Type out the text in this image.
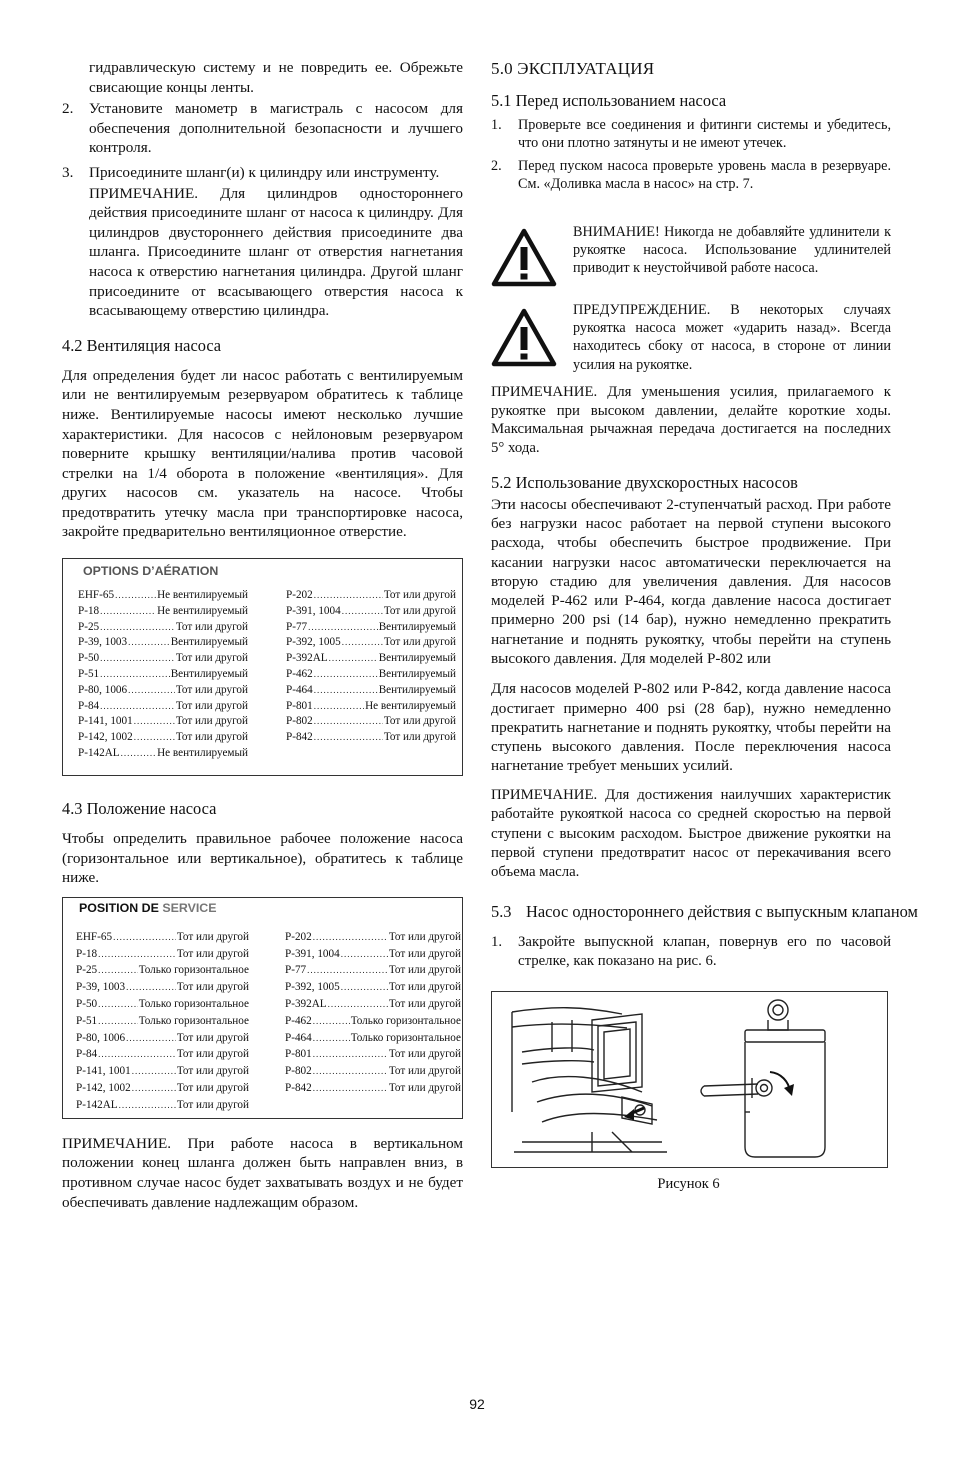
гидравлическую систему и не повредить ее. Обрежьте свисающие концы ленты.

2.	Установите манометр в магистраль с насосом для обеспечения дополнительной безопасности и лучшего контроля.
3.	Присоедините шланг(и) к цилиндру или инструменту.

ПРИМЕЧАНИЕ. Для цилиндров одностороннего действия присоедините шланг от насоса к цилиндру. Для цилиндров двустороннего действия присоедините два шланга. Присоедините шланг от отверстия нагнетания насоса к отверстию нагнетания цилиндра. Другой шланг присоедините от всасывающего отверстия насоса к всасывающему отверстию цилиндра.

4.2 Вентиляция насоса

Для определения будет ли насос работать с вентилируемым или не вентилируемым резервуаром обратитесь к таблице ниже. Вентилируемые насосы имеют несколько лучшие характеристики. Для насосов с нейлоновым резервуаром поверните крышку вентиляции/налива против часовой стрелки на 1/4 оборота в положение «вентиляция». Для других насосов см. указатель на насосе. Чтобы предотвратить утечку масла при транспортировке насоса, закройте предварительно вентиляционное отверстие.

OPTIONS D’AÉRATION
EHF-65 .....	Не вентилируемый
P-18 .....	Не вентилируемый
P-25 .....	Тот или другой
P-39, 1003 .....	Вентилируемый
P-50 .....	Тот или другой
P-51 .....	Вентилируемый
P-80, 1006 .....	Тот или другой
P-84 .....	Тот или другой
P-141, 1001 .....	Тот или другой
P-142, 1002 .....	Тот или другой
P-142AL .....	Не вентилируемый
P-202 .....	Тот или другой
P-391, 1004 .....	Тот или другой
P-77 .....	Вентилируемый
P-392, 1005 .....	Тот или другой
P-392AL .....	Вентилируемый
P-462 .....	Вентилируемый
P-464 .....	Вентилируемый
P-801 .....	Не вентилируемый
P-802 .....	Тот или другой
P-842 .....	Тот или другой
4.3 Положение насоса

Чтобы определить правильное рабочее положение насоса (горизонтальное или вертикальное), обратитесь к таблице ниже.

POSITION DE SERVICE
EHF-65 .....	Тот или другой
P-18 .....	Тот или другой
P-25 .....	Только горизонтальное
P-39, 1003 .....	Тот или другой
P-50 .....	Только горизонтальное
P-51 .....	Только горизонтальное
P-80, 1006 .....	Тот или другой
P-84 .....	Тот или другой
P-141, 1001 .....	Тот или другой
P-142, 1002 .....	Тот или другой
P-142AL .....	Тот или другой
P-202 .....	Тот или другой
P-391, 1004 .....	Тот или другой
P-77 .....	Тот или другой
P-392, 1005 .....	Тот или другой
P-392AL .....	Тот или другой
P-462 .....	Только горизонтальное
P-464 .....	Только горизонтальное
P-801 .....	Тот или другой
P-802 .....	Тот или другой
P-842 .....	Тот или другой

ПРИМЕЧАНИЕ. При работе насоса в вертикальном положении конец шланга должен быть направлен вниз, в противном случае насос будет захватывать воздух и не будет обеспечивать давление надлежащим образом.

5.0 ЭКСПЛУАТАЦИЯ
5.1 Перед использованием насоса
1.	Проверьте все соединения и фитинги системы и убедитесь, что они плотно затянуты и не имеют утечек.
2.	Перед пуском насоса проверьте уровень масла в резервуаре. См. «Доливка масла в насос» на стр. 7.

ВНИМАНИЕ! Никогда не добавляйте удлинители к рукоятке насоса. Использование удлинителей приводит к неустойчивой работе насоса.

ПРЕДУПРЕЖДЕНИЕ. В некоторых случаях рукоятка насоса может «ударить назад». Всегда находитесь сбоку от насоса, в стороне от линии усилия на рукоятке.

ПРИМЕЧАНИЕ. Для уменьшения усилия, прилагаемого к рукоятке при высоком давлении, делайте короткие ходы. Максимальная рычажная передача достигается на последних 5° хода.

5.2 Использование двухскоростных насосов

Эти насосы обеспечивают 2-ступенчатый расход. При работе без нагрузки насос работает на первой ступени высокого расхода, чтобы обеспечить быстрое продвижение. При касании нагрузки насос автоматически переключается на вторую стадию для увеличения давления. Для насосов моделей P-462 или P-464, когда давление насоса достигает примерно 200 psi (14 бар), нужно немедленно прекратить нагнетание и поднять рукоятку, чтобы перейти на ступень высокого давления. Для моделей P-802 или

Для насосов моделей P-802 или P-842, когда давление насоса достигает примерно 400 psi (28 бар), нужно немедленно прекратить нагнетание и поднять рукоятку, чтобы перейти на ступень высокого давления. После переключения насоса нагнетание требует меньших усилий.

ПРИМЕЧАНИЕ. Для достижения наилучших характеристик работайте рукояткой насоса со средней скоростью на первой ступени с высоким расходом. Быстрое движение рукоятки на первой ступени предотвратит насос от перекачивания всего объема масла.

5.3 Насос одностороннего действия с выпускным клапаном
1.	Закройте выпускной клапан, повернув его по часовой стрелке, как показано на рис. 6.

Рисунок 6

92
